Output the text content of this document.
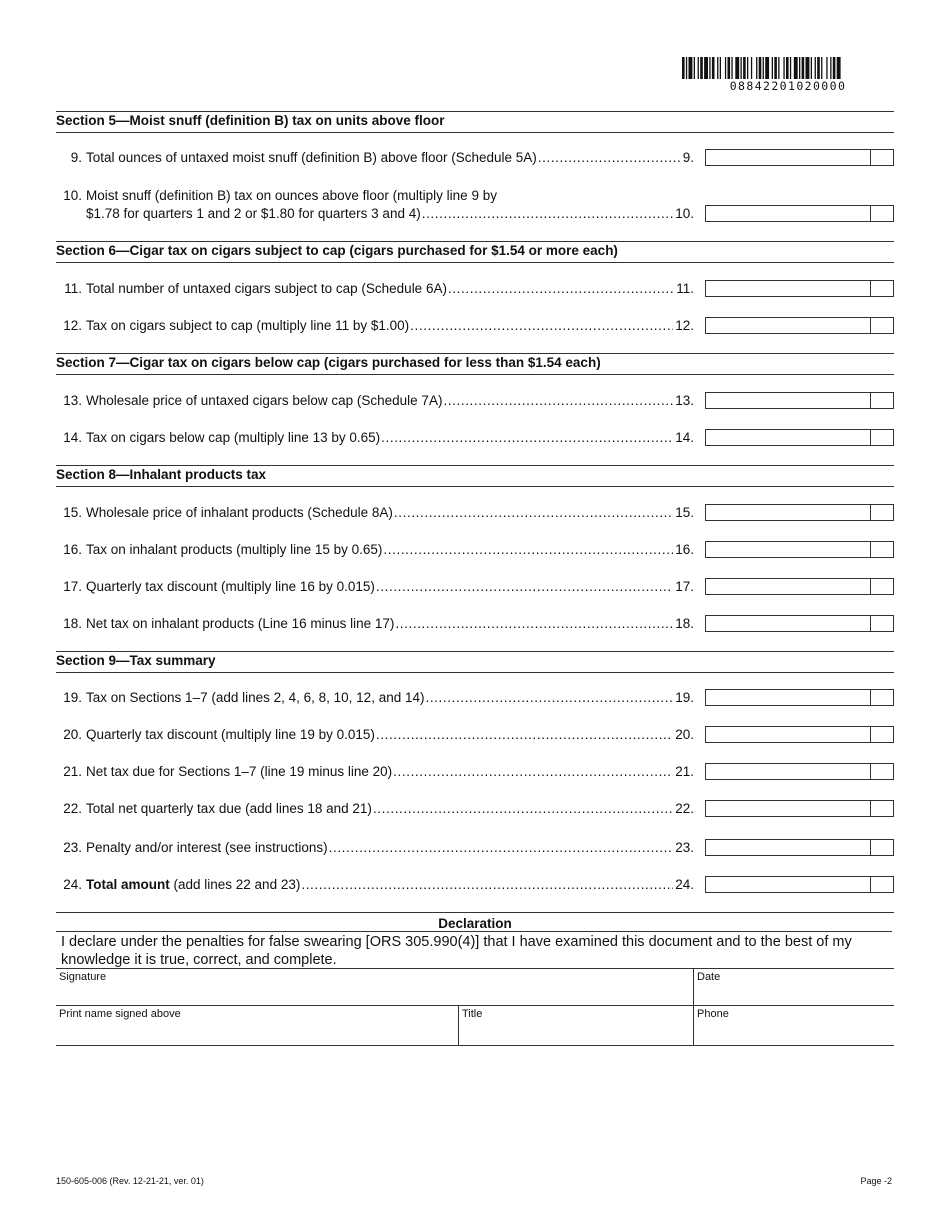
08842201020000
Section 5—Moist snuff (definition B) tax on units above floor
9. Total ounces of untaxed moist snuff (definition B) above floor (Schedule 5A) .....	9.
10. Moist snuff (definition B) tax on ounces above floor (multiply line 9 by
$1.78 for quarters 1 and 2 or $1.80 for quarters 3 and 4) .....	10.
Section 6—Cigar tax on cigars subject to cap (cigars purchased for $1.54 or more each)
11. Total number of untaxed cigars subject to cap (Schedule 6A) .....	11.
12. Tax on cigars subject to cap (multiply line 11 by $1.00) .....	12.
Section 7—Cigar tax on cigars below cap (cigars purchased for less than $1.54 each)
13. Wholesale price of untaxed cigars below cap (Schedule 7A) .....	13.
14. Tax on cigars below cap (multiply line 13 by 0.65) .....	14.
Section 8—Inhalant products tax
15. Wholesale price of inhalant products (Schedule 8A) .....	15.
16. Tax on inhalant products (multiply line 15 by 0.65) .....	16.
17. Quarterly tax discount (multiply line 16 by 0.015) .....	17.
18. Net tax on inhalant products (Line 16 minus line 17) .....	18.
Section 9—Tax summary
19. Tax on Sections 1–7 (add lines 2, 4, 6, 8, 10, 12, and 14) .....	19.
20. Quarterly tax discount (multiply line 19 by 0.015) .....	20.
21. Net tax due for Sections 1–7 (line 19 minus line 20) .....	21.
22. Total net quarterly tax due (add lines 18 and 21) .....	22.
23. Penalty and/or interest (see instructions) .....	23.
24. Total amount (add lines 22 and 23) .....	24.
Declaration
I declare under the penalties for false swearing [ORS 305.990(4)] that I have examined this document and to the best of my knowledge it is true, correct, and complete.
Signature	Date
Print name signed above	Title	Phone
150-605-006 (Rev. 12-21-21, ver. 01)	Page -2
